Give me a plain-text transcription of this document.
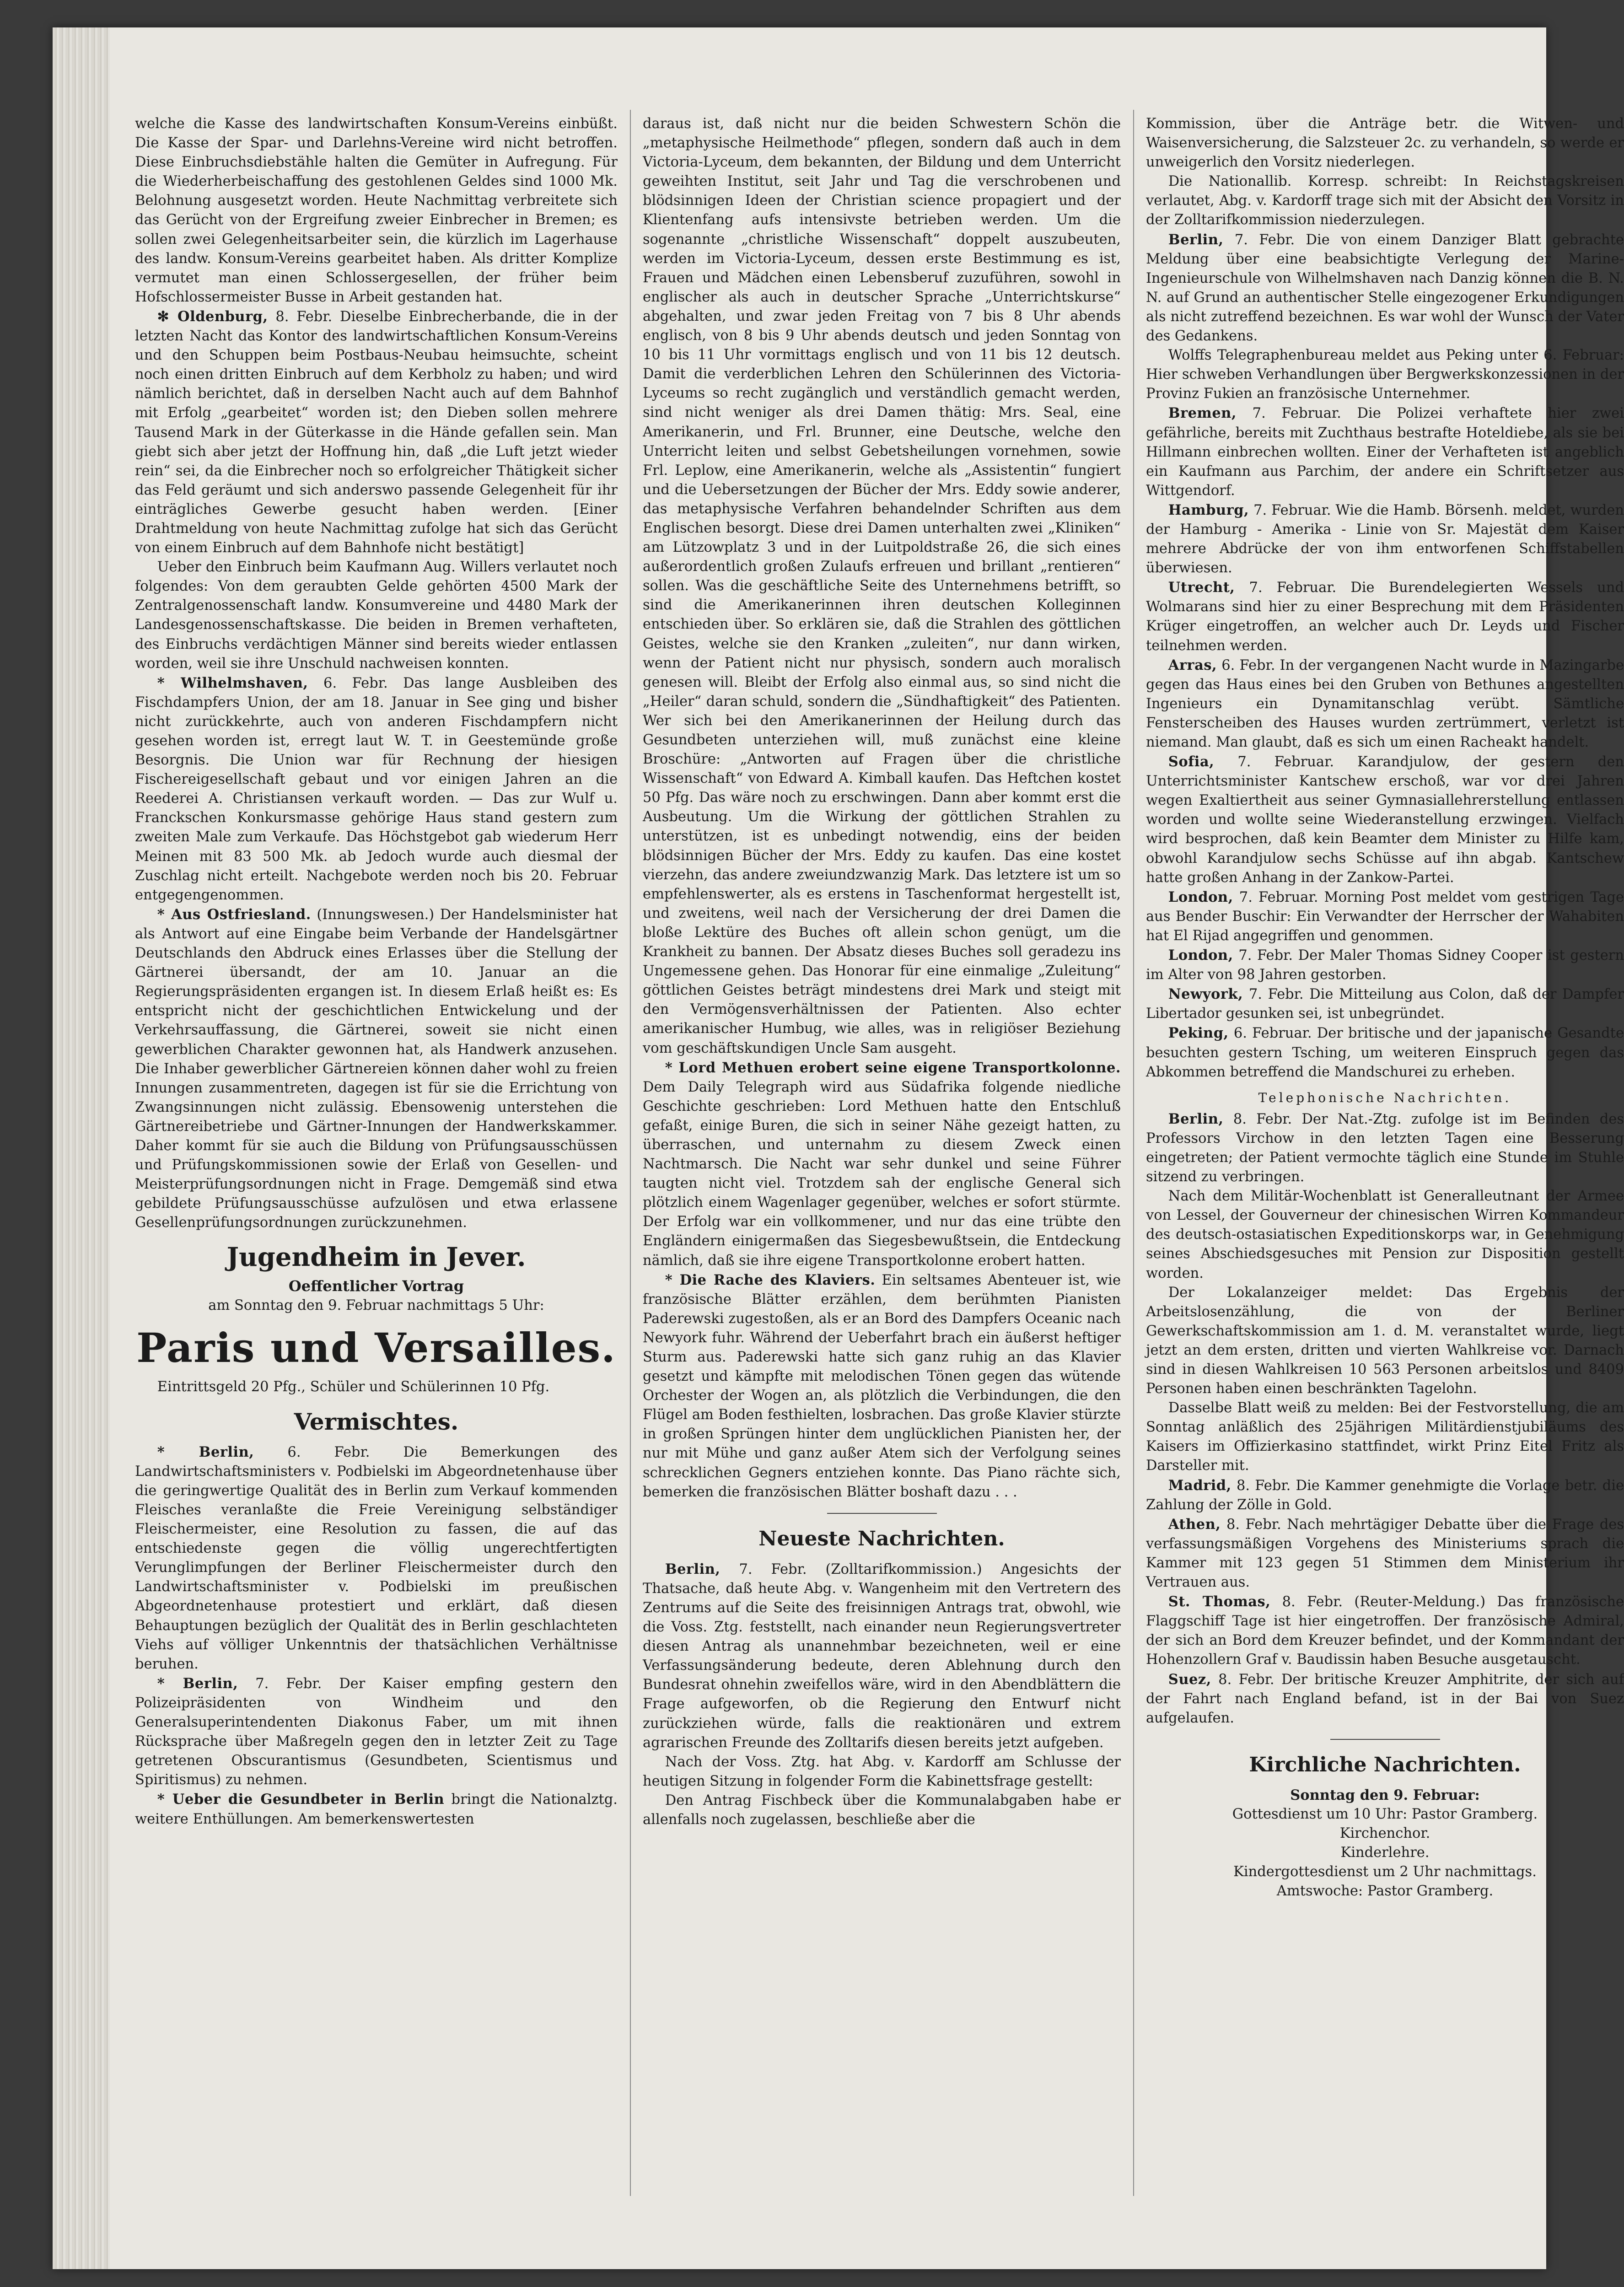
welche die Kasse des landwirtschaften Konsum-Vereins einbüßt. Die Kasse der Spar- und Darlehns-Vereine wird nicht betroffen. Diese Einbruchsdiebstähle halten die Gemüter in Aufregung. Für die Wiederherbeischaffung des gestohlenen Geldes sind 1000 Mk. Belohnung ausgesetzt worden. Heute Nachmittag verbreitete sich das Gerücht von der Ergreifung zweier Einbrecher in Bremen; es sollen zwei Gelegenheitsarbeiter sein, die kürzlich im Lagerhause des landw. Konsum-Vereins gearbeitet haben. Als dritter Komplize vermutet man einen Schlossergesellen, der früher beim Hofschlossermeister Busse in Arbeit gestanden hat.

✻ Oldenburg, 8. Febr. Dieselbe Einbrecherbande, die in der letzten Nacht das Kontor des landwirtschaftlichen Konsum-Vereins und den Schuppen beim Postbaus-Neubau heimsuchte, scheint noch einen dritten Einbruch auf dem Kerbholz zu haben; und wird nämlich berichtet, daß in derselben Nacht auch auf dem Bahnhof mit Erfolg „gearbeitet“ worden ist; den Dieben sollen mehrere Tausend Mark in der Güterkasse in die Hände gefallen sein. Man giebt sich aber jetzt der Hoffnung hin, daß „die Luft jetzt wieder rein“ sei, da die Einbrecher noch so erfolgreicher Thätigkeit sicher das Feld geräumt und sich anderswo passende Gelegenheit für ihr einträgliches Gewerbe gesucht haben werden. [Einer Drahtmeldung von heute Nachmittag zufolge hat sich das Gerücht von einem Einbruch auf dem Bahnhofe nicht bestätigt]

Ueber den Einbruch beim Kaufmann Aug. Willers verlautet noch folgendes: Von dem geraubten Gelde gehörten 4500 Mark der Zentralgenossenschaft landw. Konsumvereine und 4480 Mark der Landesgenossenschaftskasse. Die beiden in Bremen verhafteten, des Einbruchs verdächtigen Männer sind bereits wieder entlassen worden, weil sie ihre Unschuld nachweisen konnten.

* Wilhelmshaven, 6. Febr. Das lange Ausbleiben des Fischdampfers Union, der am 18. Januar in See ging und bisher nicht zurückkehrte, auch von anderen Fischdampfern nicht gesehen worden ist, erregt laut W. T. in Geestemünde große Besorgnis. Die Union war für Rechnung der hiesigen Fischereigesellschaft gebaut und vor einigen Jahren an die Reederei A. Christiansen verkauft worden. — Das zur Wulf u. Franckschen Konkursmasse gehörige Haus stand gestern zum zweiten Male zum Verkaufe. Das Höchstgebot gab wiederum Herr Meinen mit 83 500 Mk. ab Jedoch wurde auch diesmal der Zuschlag nicht erteilt. Nachgebote werden noch bis 20. Februar entgegengenommen.

* Aus Ostfriesland. (Innungswesen.) Der Handelsminister hat als Antwort auf eine Eingabe beim Verbande der Handelsgärtner Deutschlands den Abdruck eines Erlasses über die Stellung der Gärtnerei übersandt, der am 10. Januar an die Regierungspräsidenten ergangen ist. In diesem Erlaß heißt es: Es entspricht nicht der geschichtlichen Entwickelung und der Verkehrsauffassung, die Gärtnerei, soweit sie nicht einen gewerblichen Charakter gewonnen hat, als Handwerk anzusehen. Die Inhaber gewerblicher Gärtnereien können daher wohl zu freien Innungen zusammentreten, dagegen ist für sie die Errichtung von Zwangsinnungen nicht zulässig. Ebensowenig unterstehen die Gärtnereibetriebe und Gärtner-Innungen der Handwerkskammer. Daher kommt für sie auch die Bildung von Prüfungsausschüssen und Prüfungskommissionen sowie der Erlaß von Gesellen- und Meisterprüfungsordnungen nicht in Frage. Demgemäß sind etwa gebildete Prüfungsausschüsse aufzulösen und etwa erlassene Gesellenprüfungsordnungen zurückzunehmen.

Jugendheim in Jever.
Oeffentlicher Vortrag
am Sonntag den 9. Februar nachmittags 5 Uhr:
Paris und Versailles.

Eintrittsgeld 20 Pfg., Schüler und Schülerinnen 10 Pfg.

Vermischtes.

* Berlin, 6. Febr. Die Bemerkungen des Landwirtschaftsministers v. Podbielski im Abgeordnetenhause über die geringwertige Qualität des in Berlin zum Verkauf kommenden Fleisches veranlaßte die Freie Vereinigung selbständiger Fleischermeister, eine Resolution zu fassen, die auf das entschiedenste gegen die völlig ungerechtfertigten Verunglimpfungen der Berliner Fleischermeister durch den Landwirtschaftsminister v. Podbielski im preußischen Abgeordnetenhause protestiert und erklärt, daß diesen Behauptungen bezüglich der Qualität des in Berlin geschlachteten Viehs auf völliger Unkenntnis der thatsächlichen Verhältnisse beruhen.

* Berlin, 7. Febr. Der Kaiser empfing gestern den Polizeipräsidenten von Windheim und den Generalsuperintendenten Diakonus Faber, um mit ihnen Rücksprache über Maßregeln gegen den in letzter Zeit zu Tage getretenen Obscurantismus (Gesundbeten, Scientismus und Spiritismus) zu nehmen.

* Ueber die Gesundbeter in Berlin bringt die Nationalztg. weitere Enthüllungen. Am bemerkenswertesten

daraus ist, daß nicht nur die beiden Schwestern Schön die „metaphysische Heilmethode“ pflegen, sondern daß auch in dem Victoria-Lyceum, dem bekannten, der Bildung und dem Unterricht geweihten Institut, seit Jahr und Tag die verschrobenen und blödsinnigen Ideen der Christian science propagiert und der Klientenfang aufs intensivste betrieben werden. Um die sogenannte „christliche Wissenschaft“ doppelt auszubeuten, werden im Victoria-Lyceum, dessen erste Bestimmung es ist, Frauen und Mädchen einen Lebensberuf zuzuführen, sowohl in englischer als auch in deutscher Sprache „Unterrichtskurse“ abgehalten, und zwar jeden Freitag von 7 bis 8 Uhr abends englisch, von 8 bis 9 Uhr abends deutsch und jeden Sonntag von 10 bis 11 Uhr vormittags englisch und von 11 bis 12 deutsch. Damit die verderblichen Lehren den Schülerinnen des Victoria-Lyceums so recht zugänglich und verständlich gemacht werden, sind nicht weniger als drei Damen thätig: Mrs. Seal, eine Amerikanerin, und Frl. Brunner, eine Deutsche, welche den Unterricht leiten und selbst Gebetsheilungen vornehmen, sowie Frl. Leplow, eine Amerikanerin, welche als „Assistentin“ fungiert und die Uebersetzungen der Bücher der Mrs. Eddy sowie anderer, das metaphysische Verfahren behandelnder Schriften aus dem Englischen besorgt. Diese drei Damen unterhalten zwei „Kliniken“ am Lützowplatz 3 und in der Luitpoldstraße 26, die sich eines außerordentlich großen Zulaufs erfreuen und brillant „rentieren“ sollen. Was die geschäftliche Seite des Unternehmens betrifft, so sind die Amerikanerinnen ihren deutschen Kolleginnen entschieden über. So erklären sie, daß die Strahlen des göttlichen Geistes, welche sie den Kranken „zuleiten“, nur dann wirken, wenn der Patient nicht nur physisch, sondern auch moralisch genesen will. Bleibt der Erfolg also einmal aus, so sind nicht die „Heiler“ daran schuld, sondern die „Sündhaftigkeit“ des Patienten. Wer sich bei den Amerikanerinnen der Heilung durch das Gesundbeten unterziehen will, muß zunächst eine kleine Broschüre: „Antworten auf Fragen über die christliche Wissenschaft“ von Edward A. Kimball kaufen. Das Heftchen kostet 50 Pfg. Das wäre noch zu erschwingen. Dann aber kommt erst die Ausbeutung. Um die Wirkung der göttlichen Strahlen zu unterstützen, ist es unbedingt notwendig, eins der beiden blödsinnigen Bücher der Mrs. Eddy zu kaufen. Das eine kostet vierzehn, das andere zweiundzwanzig Mark. Das letztere ist um so empfehlenswerter, als es erstens in Taschenformat hergestellt ist, und zweitens, weil nach der Versicherung der drei Damen die bloße Lektüre des Buches oft allein schon genügt, um die Krankheit zu bannen. Der Absatz dieses Buches soll geradezu ins Ungemessene gehen. Das Honorar für eine einmalige „Zuleitung“ göttlichen Geistes beträgt mindestens drei Mark und steigt mit den Vermögensverhältnissen der Patienten. Also echter amerikanischer Humbug, wie alles, was in religiöser Beziehung vom geschäftskundigen Uncle Sam ausgeht.

* Lord Methuen erobert seine eigene Transportkolonne. Dem Daily Telegraph wird aus Südafrika folgende niedliche Geschichte geschrieben: Lord Methuen hatte den Entschluß gefaßt, einige Buren, die sich in seiner Nähe gezeigt hatten, zu überraschen, und unternahm zu diesem Zweck einen Nachtmarsch. Die Nacht war sehr dunkel und seine Führer taugten nicht viel. Trotzdem sah der englische General sich plötzlich einem Wagenlager gegenüber, welches er sofort stürmte. Der Erfolg war ein vollkommener, und nur das eine trübte den Engländern einigermaßen das Siegesbewußtsein, die Entdeckung nämlich, daß sie ihre eigene Transportkolonne erobert hatten.

* Die Rache des Klaviers. Ein seltsames Abenteuer ist, wie französische Blätter erzählen, dem berühmten Pianisten Paderewski zugestoßen, als er an Bord des Dampfers Oceanic nach Newyork fuhr. Während der Ueberfahrt brach ein äußerst heftiger Sturm aus. Paderewski hatte sich ganz ruhig an das Klavier gesetzt und kämpfte mit melodischen Tönen gegen das wütende Orchester der Wogen an, als plötzlich die Verbindungen, die den Flügel am Boden festhielten, losbrachen. Das große Klavier stürzte in großen Sprüngen hinter dem unglücklichen Pianisten her, der nur mit Mühe und ganz außer Atem sich der Verfolgung seines schrecklichen Gegners entziehen konnte. Das Piano rächte sich, bemerken die französischen Blätter boshaft dazu . . .

Neueste Nachrichten.

Berlin, 7. Febr. (Zolltarifkommission.) Angesichts der Thatsache, daß heute Abg. v. Wangenheim mit den Vertretern des Zentrums auf die Seite des freisinnigen Antrags trat, obwohl, wie die Voss. Ztg. feststellt, nach einander neun Regierungsvertreter diesen Antrag als unannehmbar bezeichneten, weil er eine Verfassungsänderung bedeute, deren Ablehnung durch den Bundesrat ohnehin zweifellos wäre, wird in den Abendblättern die Frage aufgeworfen, ob die Regierung den Entwurf nicht zurückziehen würde, falls die reaktionären und extrem agrarischen Freunde des Zolltarifs diesen bereits jetzt aufgeben.

Nach der Voss. Ztg. hat Abg. v. Kardorff am Schlusse der heutigen Sitzung in folgender Form die Kabinettsfrage gestellt:

Den Antrag Fischbeck über die Kommunalabgaben habe er allenfalls noch zugelassen, beschließe aber die

Kommission, über die Anträge betr. die Witwen- und Waisenversicherung, die Salzsteuer 2c. zu verhandeln, so werde er unweigerlich den Vorsitz niederlegen.

Die Nationallib. Korresp. schreibt: In Reichstagskreisen verlautet, Abg. v. Kardorff trage sich mit der Absicht den Vorsitz in der Zolltarifkommission niederzulegen.

Berlin, 7. Febr. Die von einem Danziger Blatt gebrachte Meldung über eine beabsichtigte Verlegung der Marine-Ingenieurschule von Wilhelmshaven nach Danzig können die B. N. N. auf Grund an authentischer Stelle eingezogener Erkundigungen als nicht zutreffend bezeichnen. Es war wohl der Wunsch der Vater des Gedankens.

Wolffs Telegraphenbureau meldet aus Peking unter 6. Februar: Hier schweben Verhandlungen über Bergwerkskonzessionen in der Provinz Fukien an französische Unternehmer.

Bremen, 7. Februar. Die Polizei verhaftete hier zwei gefährliche, bereits mit Zuchthaus bestrafte Hoteldiebe, als sie bei Hillmann einbrechen wollten. Einer der Verhafteten ist angeblich ein Kaufmann aus Parchim, der andere ein Schriftsetzer aus Wittgendorf.

Hamburg, 7. Februar. Wie die Hamb. Börsenh. meldet, wurden der Hamburg - Amerika - Linie von Sr. Majestät dem Kaiser mehrere Abdrücke der von ihm entworfenen Schiffstabellen überwiesen.

Utrecht, 7. Februar. Die Burendelegierten Wessels und Wolmarans sind hier zu einer Besprechung mit dem Präsidenten Krüger eingetroffen, an welcher auch Dr. Leyds und Fischer teilnehmen werden.

Arras, 6. Febr. In der vergangenen Nacht wurde in Mazingarbe gegen das Haus eines bei den Gruben von Bethunes angestellten Ingenieurs ein Dynamitanschlag verübt. Sämtliche Fensterscheiben des Hauses wurden zertrümmert, verletzt ist niemand. Man glaubt, daß es sich um einen Racheakt handelt.

Sofia, 7. Februar. Karandjulow, der gestern den Unterrichtsminister Kantschew erschoß, war vor drei Jahren wegen Exaltiertheit aus seiner Gymnasiallehrerstellung entlassen worden und wollte seine Wiederanstellung erzwingen. Vielfach wird besprochen, daß kein Beamter dem Minister zu Hilfe kam, obwohl Karandjulow sechs Schüsse auf ihn abgab. Kantschew hatte großen Anhang in der Zankow-Partei.

London, 7. Februar. Morning Post meldet vom gestrigen Tage aus Bender Buschir: Ein Verwandter der Herrscher der Wahabiten hat El Rijad angegriffen und genommen.

London, 7. Febr. Der Maler Thomas Sidney Cooper ist gestern im Alter von 98 Jahren gestorben.

Newyork, 7. Febr. Die Mitteilung aus Colon, daß der Dampfer Libertador gesunken sei, ist unbegründet.

Peking, 6. Februar. Der britische und der japanische Gesandte besuchten gestern Tsching, um weiteren Einspruch gegen das Abkommen betreffend die Mandschurei zu erheben.

Telephonische Nachrichten.

Berlin, 8. Febr. Der Nat.-Ztg. zufolge ist im Befinden des Professors Virchow in den letzten Tagen eine Besserung eingetreten; der Patient vermochte täglich eine Stunde im Stuhle sitzend zu verbringen.

Nach dem Militär-Wochenblatt ist Generalleutnant der Armee von Lessel, der Gouverneur der chinesischen Wirren Kommandeur des deutsch-ostasiatischen Expeditionskorps war, in Genehmigung seines Abschiedsgesuches mit Pension zur Disposition gestellt worden.

Der Lokalanzeiger meldet: Das Ergebnis der Arbeitslosenzählung, die von der Berliner Gewerkschaftskommission am 1. d. M. veranstaltet wurde, liegt jetzt an dem ersten, dritten und vierten Wahlkreise vor. Darnach sind in diesen Wahlkreisen 10 563 Personen arbeitslos und 8409 Personen haben einen beschränkten Tagelohn.

Dasselbe Blatt weiß zu melden: Bei der Festvorstellung, die am Sonntag anläßlich des 25jährigen Militärdienstjubiläums des Kaisers im Offizierkasino stattfindet, wirkt Prinz Eitel Fritz als Darsteller mit.

Madrid, 8. Febr. Die Kammer genehmigte die Vorlage betr. die Zahlung der Zölle in Gold.

Athen, 8. Febr. Nach mehrtägiger Debatte über die Frage des verfassungsmäßigen Vorgehens des Ministeriums sprach die Kammer mit 123 gegen 51 Stimmen dem Ministerium ihr Vertrauen aus.

St. Thomas, 8. Febr. (Reuter-Meldung.) Das französische Flaggschiff Tage ist hier eingetroffen. Der französische Admiral, der sich an Bord dem Kreuzer befindet, und der Kommandant der Hohenzollern Graf v. Baudissin haben Besuche ausgetauscht.

Suez, 8. Febr. Der britische Kreuzer Amphitrite, der sich auf der Fahrt nach England befand, ist in der Bai von Suez aufgelaufen.

Kirchliche Nachrichten.
Sonntag den 9. Februar:
Gottesdienst um 10 Uhr: Pastor Gramberg.
Kirchenchor.
Kinderlehre.
Kindergottesdienst um 2 Uhr nachmittags.
Amtswoche: Pastor Gramberg.
